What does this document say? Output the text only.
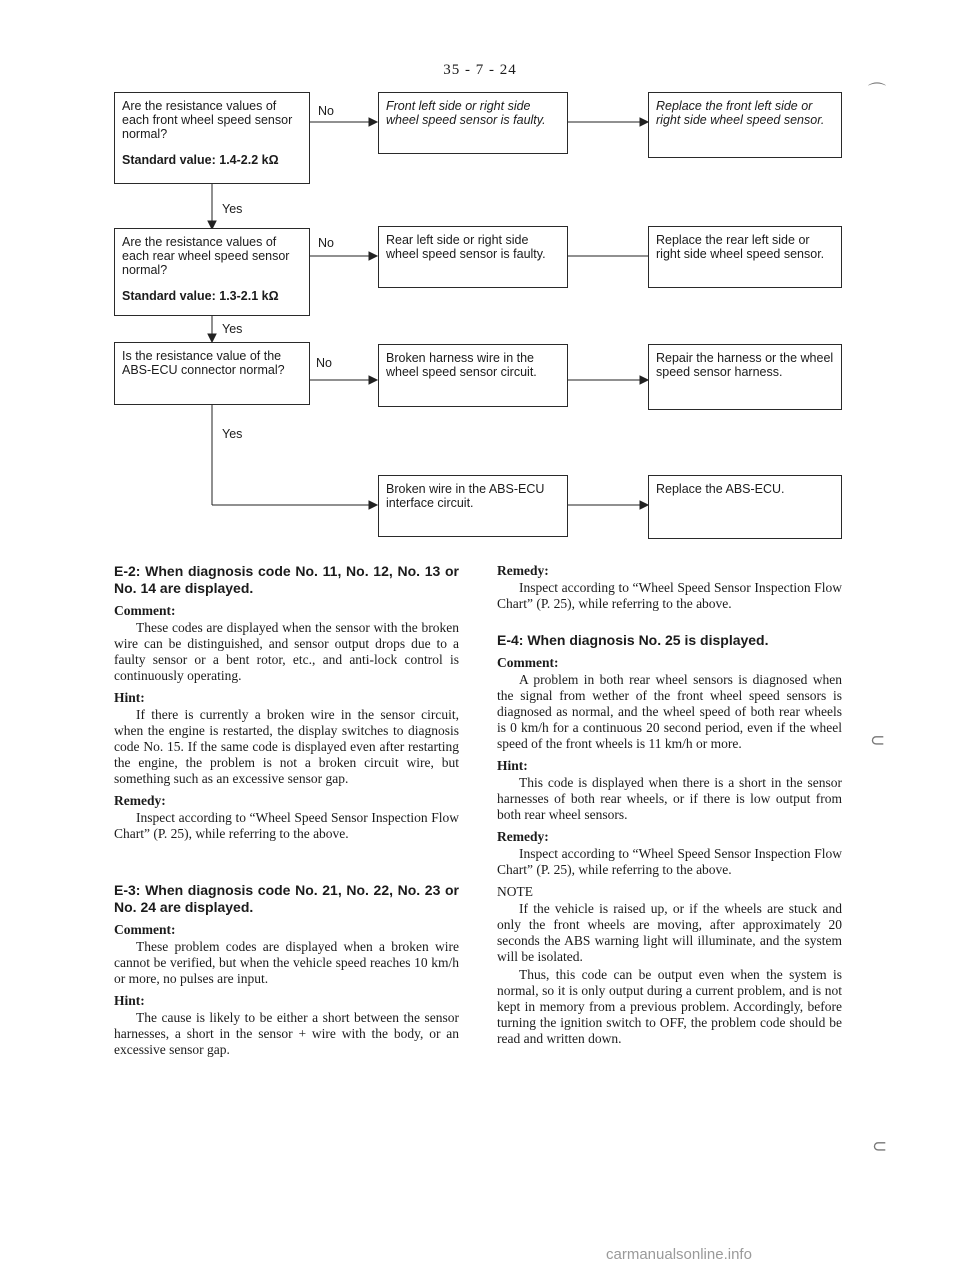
35 - 7 - 24
Are the resistance values of each front wheel speed sensor normal?
Standard value: 1.4-2.2 kΩ
Are the resistance values of each rear wheel speed sensor normal?
Standard value: 1.3-2.1 kΩ
Is the resistance value of the ABS-ECU connector normal?
Front left side or right side wheel speed sensor is faulty.
Rear left side or right side wheel speed sensor is faulty.
Broken harness wire in the wheel speed sensor circuit.
Broken wire in the ABS-ECU interface circuit.
Replace the front left side or right side wheel speed sensor.
Replace the rear left side or right side wheel speed sensor.
Repair the harness or the wheel speed sensor harness.
Replace the ABS-ECU.
No
No
No
Yes
Yes
Yes
E-2: When diagnosis code No. 11, No. 12, No. 13 or No. 14 are displayed.
Comment:

These codes are displayed when the sensor with the broken wire can be distinguished, and sensor output drops due to a faulty sensor or a bent rotor, etc., and anti-lock control is continuously operating.

Hint:

If there is currently a broken wire in the sensor circuit, when the engine is restarted, the display switches to diagnosis code No. 15. If the same code is displayed even after restarting the engine, the problem is not a broken circuit wire, but something such as an excessive sensor gap.

Remedy:

Inspect according to “Wheel Speed Sensor Inspection Flow Chart” (P. 25), while referring to the above.

E-3: When diagnosis code No. 21, No. 22, No. 23 or No. 24 are displayed.
Comment:

These problem codes are displayed when a broken wire cannot be verified, but when the vehicle speed reaches 10 km/h or more, no pulses are input.

Hint:

The cause is likely to be either a short between the sensor harnesses, a short in the sensor + wire with the body, or an excessive sensor gap.

Remedy:

Inspect according to “Wheel Speed Sensor Inspection Flow Chart” (P. 25), while referring to the above.

E-4: When diagnosis No. 25 is displayed.
Comment:

A problem in both rear wheel sensors is diagnosed when the signal from wether of the front wheel speed sensors is diagnosed as normal, and the wheel speed of both rear wheels is 0 km/h for a continuous 20 second period, even if the wheel speed of the front wheels is 11 km/h or more.

Hint:

This code is displayed when there is a short in the sensor harnesses of both rear wheels, or if there is low output from both rear wheel sensors.

Remedy:

Inspect according to “Wheel Speed Sensor Inspection Flow Chart” (P. 25), while referring to the above.

NOTE

If the vehicle is raised up, or if the wheels are stuck and only the front wheels are moving, after approximately 20 seconds the ABS warning light will illuminate, and the system will be isolated.

Thus, this code can be output even when the system is normal, so it is only output during a current problem, and is not kept in memory from a previous problem. Accordingly, before turning the ignition switch to OFF, the problem code should be read and written down.

⌒
⊂
⊂
carmanualsonline.info
